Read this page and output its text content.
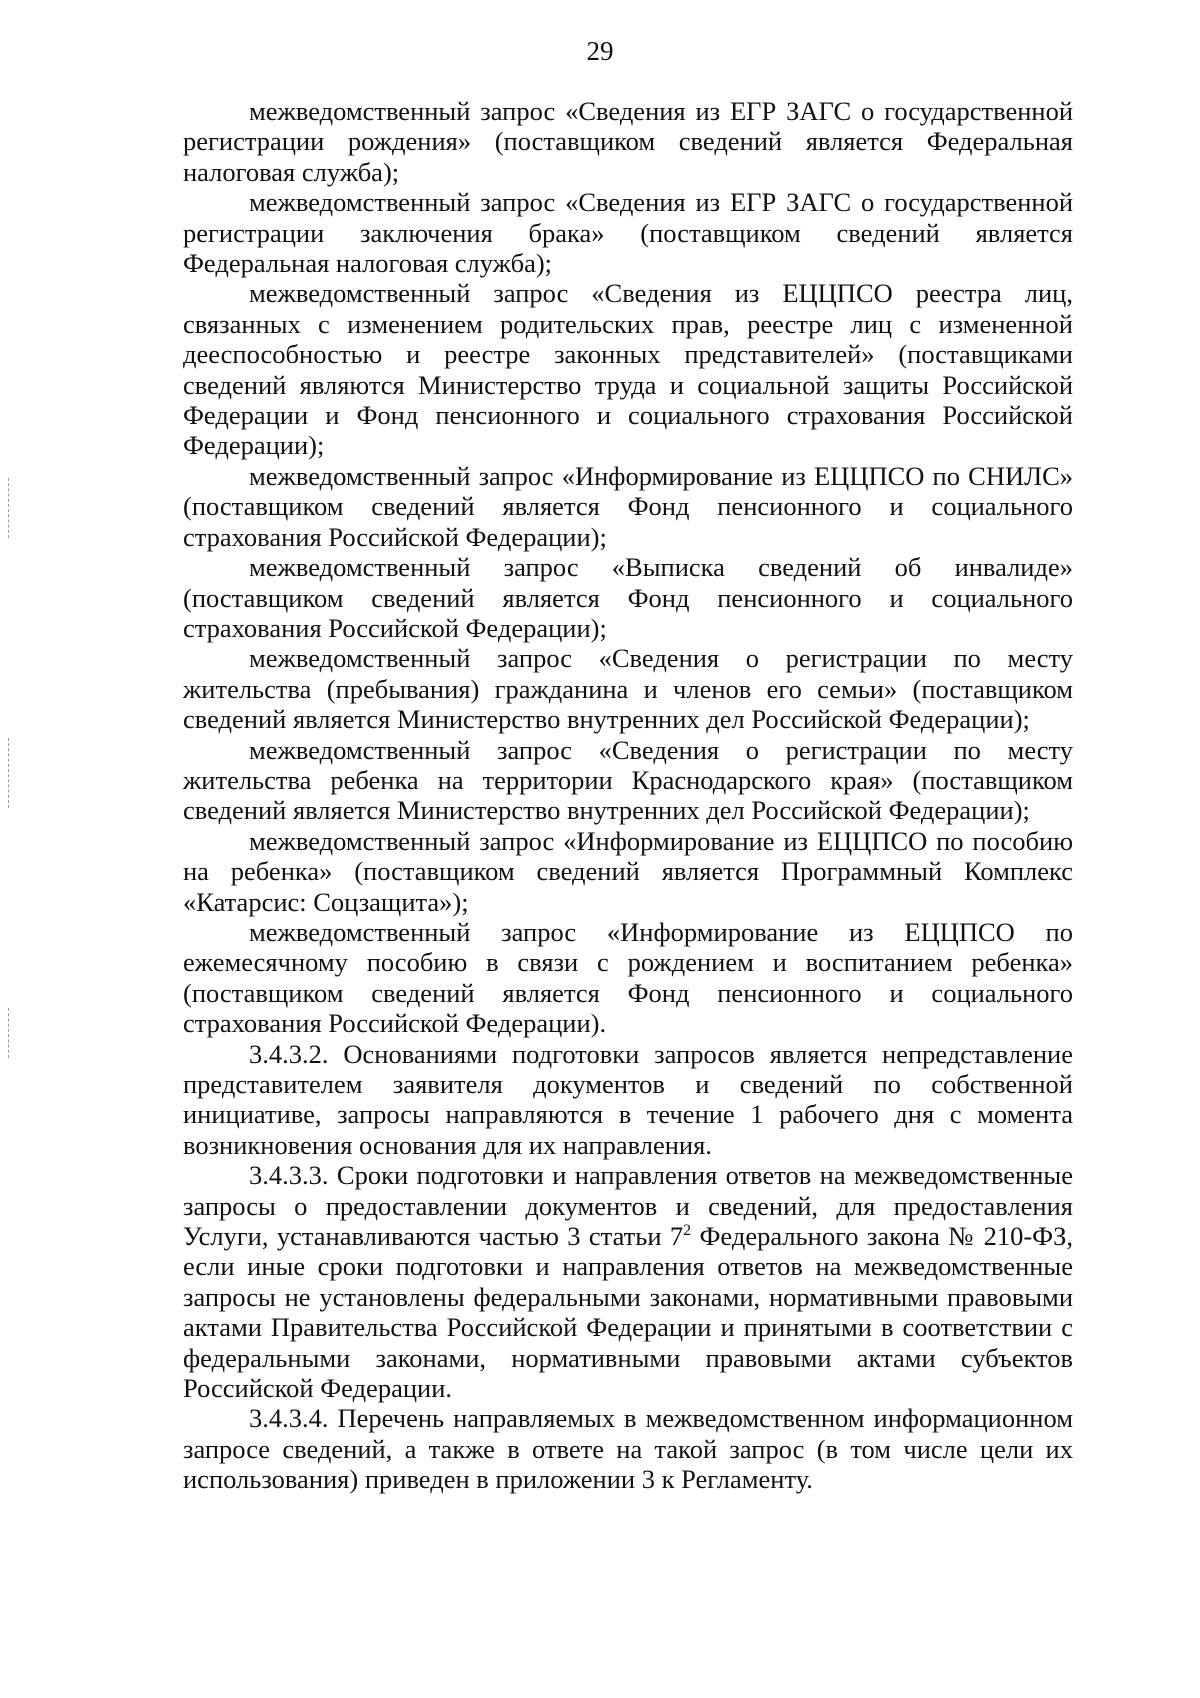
29

межведомственный запрос «Сведения из ЕГР ЗАГС о государственной регистрации рождения» (поставщиком сведений является Федеральная налоговая служба);

межведомственный запрос «Сведения из ЕГР ЗАГС о государственной регистрации заключения брака» (поставщиком сведений является Федеральная налоговая служба);

межведомственный запрос «Сведения из ЕЦЦПСО реестра лиц, связанных с изменением родительских прав, реестре лиц с измененной дееспособностью и реестре законных представителей» (поставщиками сведений являются Министерство труда и социальной защиты Российской Федерации и Фонд пенсионного и социального страхования Российской Федерации);

межведомственный запрос «Информирование из ЕЦЦПСО по СНИЛС» (поставщиком сведений является Фонд пенсионного и социального страхования Российской Федерации);

межведомственный запрос «Выписка сведений об инвалиде» (поставщиком сведений является Фонд пенсионного и социального страхования Российской Федерации);

межведомственный запрос «Сведения о регистрации по месту жительства (пребывания) гражданина и членов его семьи» (поставщиком сведений является Министерство внутренних дел Российской Федерации);

межведомственный запрос «Сведения о регистрации по месту жительства ребенка на территории Краснодарского края» (поставщиком сведений является Министерство внутренних дел Российской Федерации);

межведомственный запрос «Информирование из ЕЦЦПСО по пособию на ребенка» (поставщиком сведений является Программный Комплекс «Катарсис: Соцзащита»);

межведомственный запрос «Информирование из ЕЦЦПСО по ежемесячному пособию в связи с рождением и воспитанием ребенка» (поставщиком сведений является Фонд пенсионного и социального страхования Российской Федерации).

3.4.3.2. Основаниями подготовки запросов является непредставление представителем заявителя документов и сведений по собственной инициативе, запросы направляются в течение 1 рабочего дня с момента возникновения основания для их направления.

3.4.3.3. Сроки подготовки и направления ответов на межведомственные запросы о предоставлении документов и сведений, для предоставления Услуги, устанавливаются частью 3 статьи $7^2$ Федерального закона № 210-ФЗ, если иные сроки подготовки и направления ответов на межведомственные запросы не установлены федеральными законами, нормативными правовыми актами Правительства Российской Федерации и принятыми в соответствии с федеральными законами, нормативными правовыми актами субъектов Российской Федерации.

3.4.3.4. Перечень направляемых в межведомственном информационном запросе сведений, а также в ответе на такой запрос (в том числе цели их использования) приведен в приложении 3 к Регламенту.
